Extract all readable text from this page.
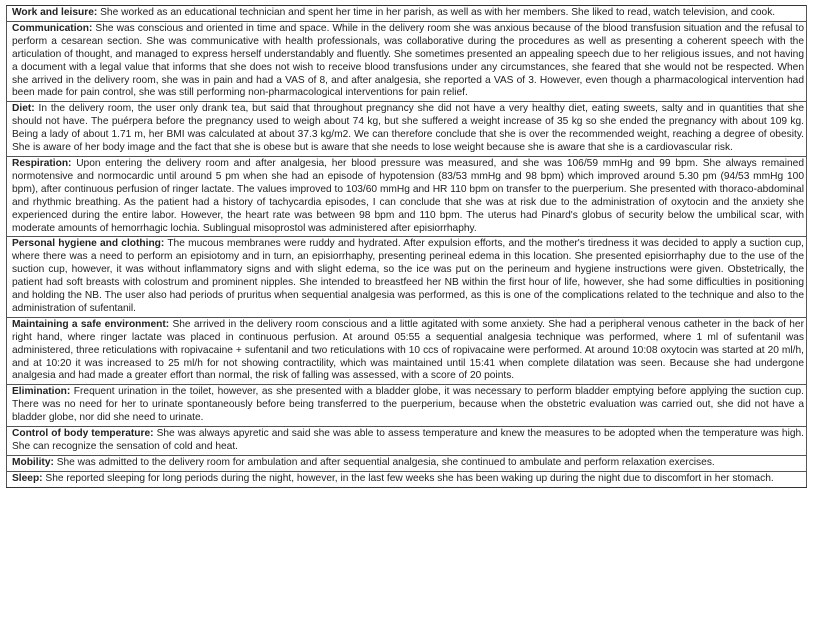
Work and leisure: She worked as an educational technician and spent her time in her parish, as well as with her members. She liked to read, watch television, and cook.
Communication: She was conscious and oriented in time and space. While in the delivery room she was anxious because of the blood transfusion situation and the refusal to perform a cesarean section. She was communicative with health professionals, was collaborative during the procedures as well as presenting a coherent speech with the articulation of thought, and managed to express herself understandably and fluently. She sometimes presented an appealing speech due to her religious issues, and not having a document with a legal value that informs that she does not wish to receive blood transfusions under any circumstances, she feared that she would not be respected. When she arrived in the delivery room, she was in pain and had a VAS of 8, and after analgesia, she reported a VAS of 3. However, even though a pharmacological intervention had been made for pain control, she was still performing non-pharmacological interventions for pain relief.
Diet: In the delivery room, the user only drank tea, but said that throughout pregnancy she did not have a very healthy diet, eating sweets, salty and in quantities that she should not have. The puérpera before the pregnancy used to weigh about 74 kg, but she suffered a weight increase of 35 kg so she ended the pregnancy with about 109 kg. Being a lady of about 1.71 m, her BMI was calculated at about 37.3 kg/m2. We can therefore conclude that she is over the recommended weight, reaching a degree of obesity. She is aware of her body image and the fact that she is obese but is aware that she needs to lose weight because she is aware that she is a cardiovascular risk.
Respiration: Upon entering the delivery room and after analgesia, her blood pressure was measured, and she was 106/59 mmHg and 99 bpm. She always remained normotensive and normocardic until around 5 pm when she had an episode of hypotension (83/53 mmHg and 98 bpm) which improved around 5.30 pm (94/53 mmHg 100 bpm), after continuous perfusion of ringer lactate. The values improved to 103/60 mmHg and HR 110 bpm on transfer to the puerperium. She presented with thoraco-abdominal and rhythmic breathing. As the patient had a history of tachycardia episodes, I can conclude that she was at risk due to the administration of oxytocin and the anxiety she experienced during the entire labor. However, the heart rate was between 98 bpm and 110 bpm. The uterus had Pinard's globus of security below the umbilical scar, with moderate amounts of hemorrhagic lochia. Sublingual misoprostol was administered after episiorrhaphy.
Personal hygiene and clothing: The mucous membranes were ruddy and hydrated. After expulsion efforts, and the mother's tiredness it was decided to apply a suction cup, where there was a need to perform an episiotomy and in turn, an episiorrhaphy, presenting perineal edema in this location. She presented episiorrhaphy due to the use of the suction cup, however, it was without inflammatory signs and with slight edema, so the ice was put on the perineum and hygiene instructions were given. Obstetrically, the patient had soft breasts with colostrum and prominent nipples. She intended to breastfeed her NB within the first hour of life, however, she had some difficulties in positioning and holding the NB. The user also had periods of pruritus when sequential analgesia was performed, as this is one of the complications related to the technique and also to the administration of sufentanil.
Maintaining a safe environment: She arrived in the delivery room conscious and a little agitated with some anxiety. She had a peripheral venous catheter in the back of her right hand, where ringer lactate was placed in continuous perfusion. At around 05:55 a sequential analgesia technique was performed, where 1 ml of sufentanil was administered, three reticulations with ropivacaine + sufentanil and two reticulations with 10 ccs of ropivacaine were performed. At around 10:08 oxytocin was started at 20 ml/h, and at 10:20 it was increased to 25 ml/h for not showing contractility, which was maintained until 15:41 when complete dilatation was seen. Because she had undergone analgesia and had made a greater effort than normal, the risk of falling was assessed, with a score of 20 points.
Elimination: Frequent urination in the toilet, however, as she presented with a bladder globe, it was necessary to perform bladder emptying before applying the suction cup. There was no need for her to urinate spontaneously before being transferred to the puerperium, because when the obstetric evaluation was carried out, she did not have a bladder globe, nor did she need to urinate.
Control of body temperature: She was always apyretic and said she was able to assess temperature and knew the measures to be adopted when the temperature was high. She can recognize the sensation of cold and heat.
Mobility: She was admitted to the delivery room for ambulation and after sequential analgesia, she continued to ambulate and perform relaxation exercises.
Sleep: She reported sleeping for long periods during the night, however, in the last few weeks she has been waking up during the night due to discomfort in her stomach.
